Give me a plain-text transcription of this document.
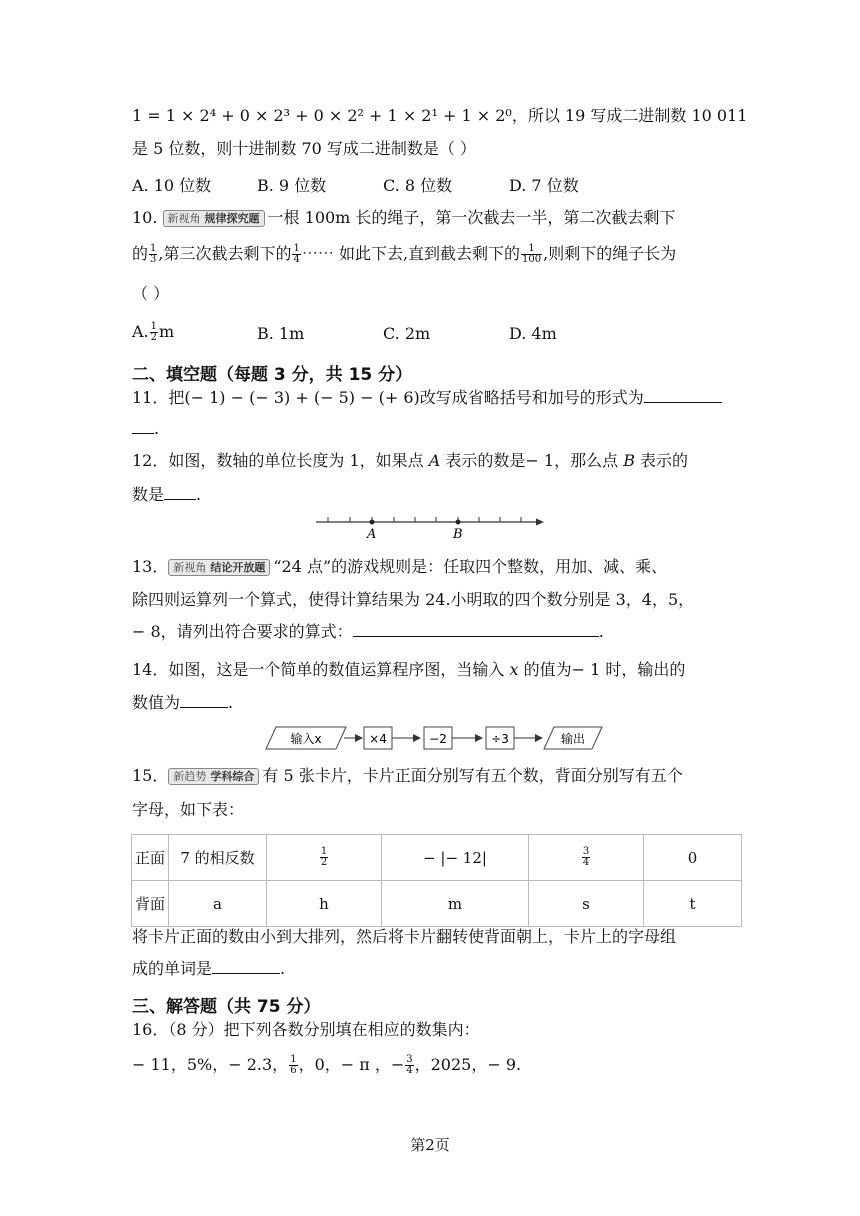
1 = 1 × 2⁴ + 0 × 2³ + 0 × 2² + 1 × 2¹ + 1 × 2⁰，所以 19 写成二进制数 10 011
是 5 位数，则十进制数 70 写成二进制数是（ ）
A. 10 位数	B. 9 位数	C. 8 位数	D. 7 位数
10. 新视角 规律探究题 一根 100m 长的绳子，第一次截去一半，第二次截去剩下
的 $\frac{1}{3}$ ,第三次截去剩下的 $\frac{1}{4}$ ⋯⋯ 如此下去,直到截去剩下的 $\frac{1}{100}$ ,则剩下的绳子长为
（ ）
A. $\frac{1}{2}$ m	B. 1m	C. 2m	D. 4m
二、填空题（每题 3 分，共 15 分）
11．把(− 1) − (− 3) + (− 5) − (+ 6)改写成省略括号和加号的形式为
.
12．如图，数轴的单位长度为 1，如果点 A 表示的数是− 1，那么点 B 表示的
数是 .
A	B
13． 新视角 结论开放题 “24 点”的游戏规则是：任取四个整数，用加、减、乘、
除四则运算列一个算式，使得计算结果为 24.小明取的四个数分别是 3，4，5，
− 8，请列出符合要求的算式：	.
14．如图，这是一个简单的数值运算程序图，当输入 x 的值为− 1 时，输出的
数值为	.
输入x	×4	−2	÷3	输出
15． 新趋势 学科综合 有 5 张卡片，卡片正面分别写有五个数，背面分别写有五个
字母，如下表：
正面	7 的相反数	$\frac{1}{2}$	− |− 12|	$\frac{3}{4}$	0
背面	a	h	m	s	t
将卡片正面的数由小到大排列，然后将卡片翻转使背面朝上，卡片上的字母组
成的单词是	.
三、解答题（共 75 分）
16．（8 分）把下列各数分别填在相应的数集内：
− 11，5%，− 2.3， $\frac{1}{6}$ ，0，− π ，− $\frac{3}{4}$ ，2025，− 9.
第2页
